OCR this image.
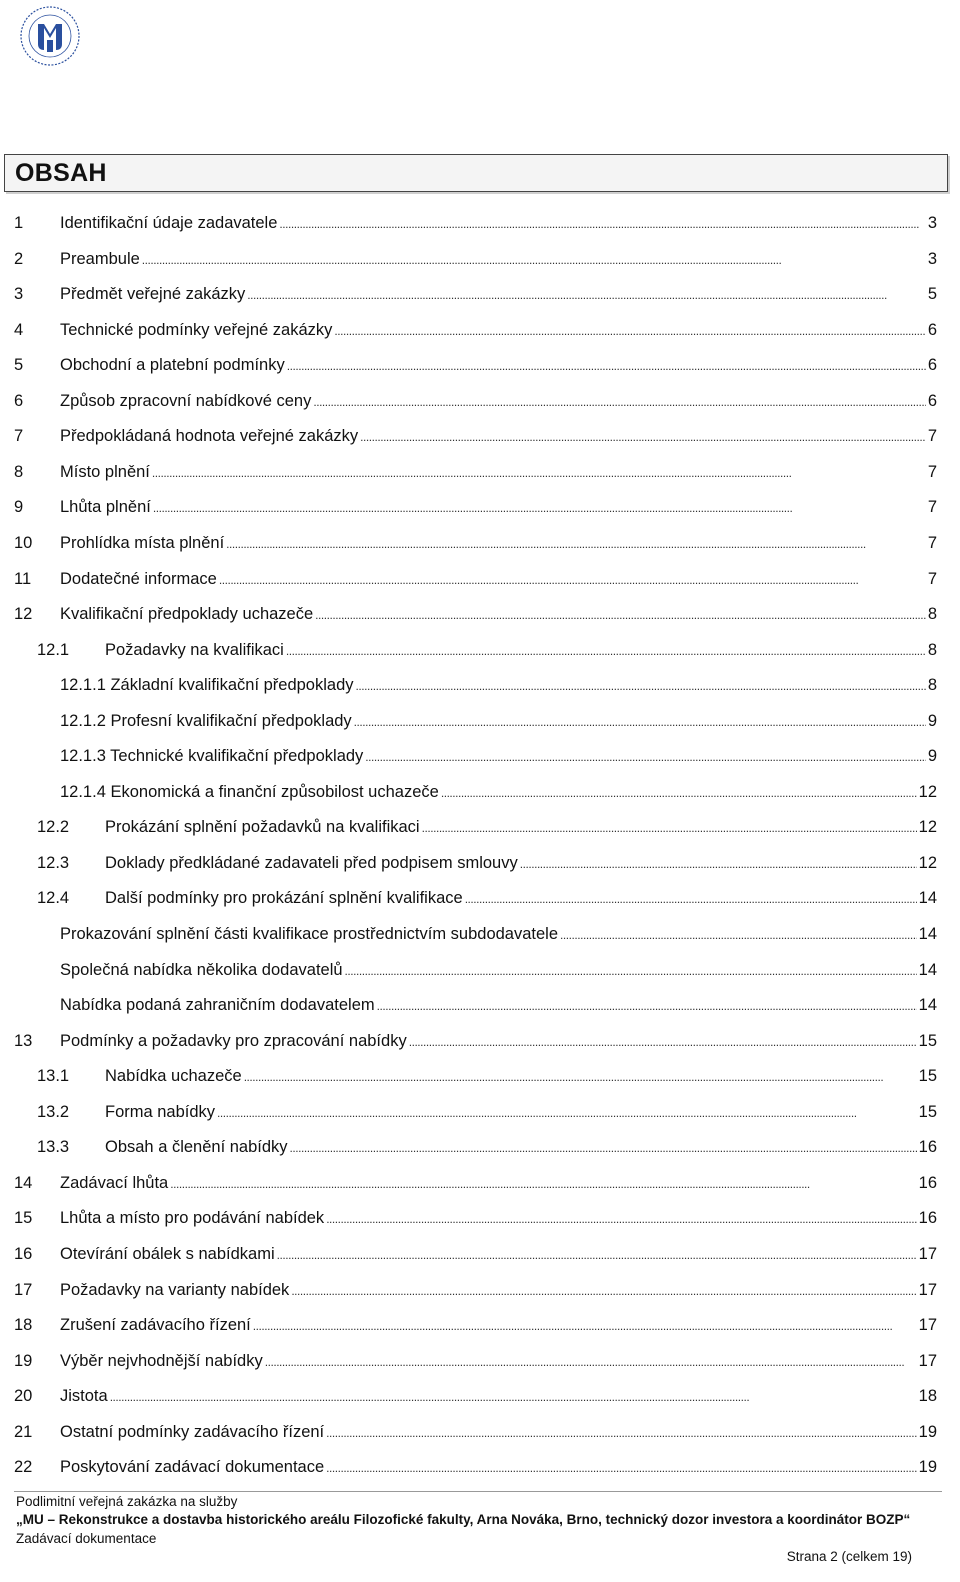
OBSAH
1 Identifikační údaje zadavatele . . .	3
2 Preambule . . .	3
3 Předmět veřejné zakázky . . .	5
4 Technické podmínky veřejné zakázky . . .	6
5 Obchodní a platební podmínky . . .	6
6 Způsob zpracovní nabídkové ceny . . .	6
7 Předpokládaná hodnota veřejné zakázky . . .	7
8 Místo plnění . . .	7
9 Lhůta plnění . . .	7
10 Prohlídka místa plnění . . .	7
11 Dodatečné informace . . .	7
12 Kvalifikační předpoklady uchazeče . . .	8
12.1 Požadavky na kvalifikaci . . .	8
12.1.1 Základní kvalifikační předpoklady . . .	8
12.1.2 Profesní kvalifikační předpoklady . . .	9
12.1.3 Technické kvalifikační předpoklady . . .	9
12.1.4 Ekonomická a finanční způsobilost uchazeče . . .	12
12.2 Prokázání splnění požadavků na kvalifikaci . . .	12
12.3 Doklady předkládané zadavateli před podpisem smlouvy . . .	12
12.4 Další podmínky pro prokázání splnění kvalifikace . . .	14
Prokazování splnění části kvalifikace prostřednictvím subdodavatele . . .	14
Společná nabídka několika dodavatelů . . .	14
Nabídka podaná zahraničním dodavatelem . . .	14
13 Podmínky a požadavky pro zpracování nabídky . . .	15
13.1 Nabídka uchazeče . . .	15
13.2 Forma nabídky . . .	15
13.3 Obsah a členění nabídky . . .	16
14 Zadávací lhůta . . .	16
15 Lhůta a místo pro podávání nabídek . . .	16
16 Otevírání obálek s nabídkami . . .	17
17 Požadavky na varianty nabídek . . .	17
18 Zrušení zadávacího řízení . . .	17
19 Výběr nejvhodnější nabídky . . .	17
20 Jistota . . .	18
21 Ostatní podmínky zadávacího řízení . . .	19
22 Poskytování zadávací dokumentace . . .	19
Podlimitní veřejná zakázka na služby
„MU – Rekonstrukce a dostavba historického areálu Filozofické fakulty, Arna Nováka, Brno, technický dozor investora a koordinátor BOZP“
Zadávací dokumentace
Strana 2 (celkem 19)
